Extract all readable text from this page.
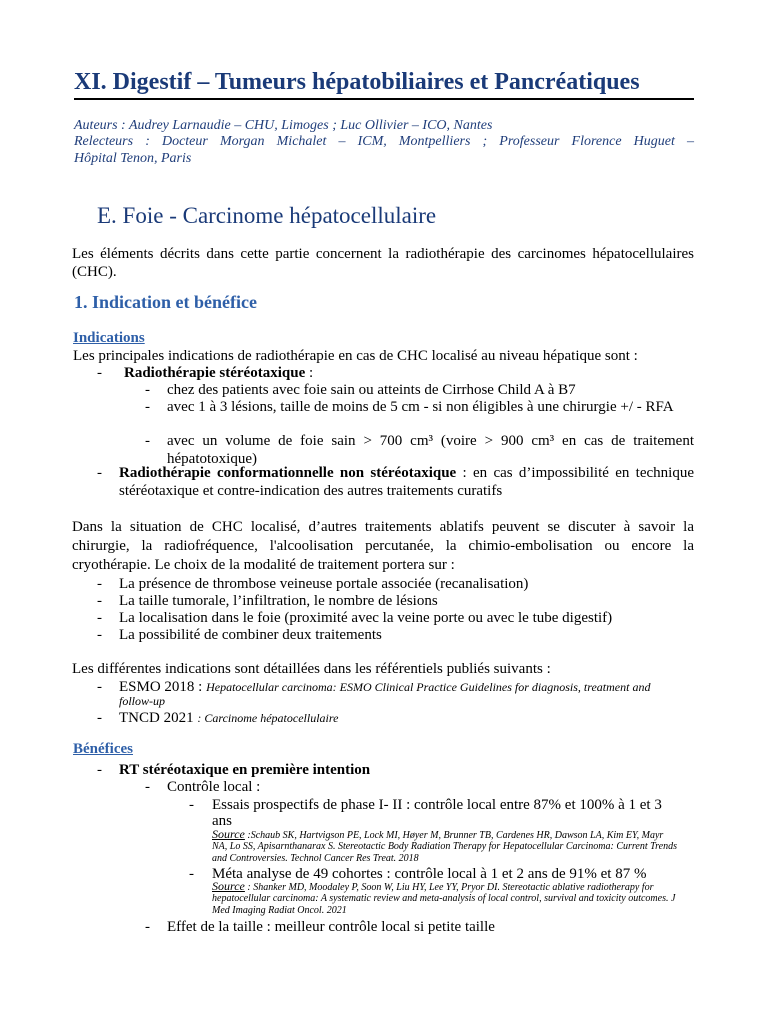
XI. Digestif – Tumeurs hépatobiliaires et Pancréatiques
Auteurs : Audrey Larnaudie – CHU, Limoges ; Luc Ollivier – ICO, Nantes
Relecteurs : Docteur Morgan Michalet – ICM, Montpelliers ; Professeur Florence Huguet –
Hôpital Tenon, Paris
E. Foie - Carcinome hépatocellulaire
Les éléments décrits dans cette partie concernent la radiothérapie des carcinomes hépatocellulaires (CHC).
1. Indication et bénéfice
Indications
Les principales indications de radiothérapie en cas de CHC localisé au niveau hépatique sont :
- Radiothérapie stéréotaxique :
- chez des patients avec foie sain ou atteints de Cirrhose Child A à B7
- avec 1 à 3 lésions, taille de moins de 5 cm - si non éligibles à une chirurgie +/ - RFA
- avec un volume de foie sain > 700 cm³ (voire > 900 cm³ en cas de traitement hépatotoxique)
- Radiothérapie conformationnelle non stéréotaxique : en cas d’impossibilité en technique stéréotaxique et contre-indication des autres traitements curatifs
Dans la situation de CHC localisé, d’autres traitements ablatifs peuvent se discuter à savoir la chirurgie, la radiofréquence, l'alcoolisation percutanée, la chimio-embolisation ou encore la cryothérapie. Le choix de la modalité de traitement portera sur :
- La présence de thrombose veineuse portale associée (recanalisation)
- La taille tumorale, l’infiltration, le nombre de lésions
- La localisation dans le foie (proximité avec la veine porte ou avec le tube digestif)
- La possibilité de combiner deux traitements
Les différentes indications sont détaillées dans les référentiels publiés suivants :
- ESMO 2018 : Hepatocellular carcinoma: ESMO Clinical Practice Guidelines for diagnosis, treatment and
follow-up
- TNCD 2021 : Carcinome hépatocellulaire
Bénéfices
- RT stéréotaxique en première intention
- Contrôle local :
- Essais prospectifs de phase I- II : contrôle local entre 87% et 100% à 1 et 3
ans
Source :Schaub SK, Hartvigson PE, Lock MI, Høyer M, Brunner TB, Cardenes HR, Dawson LA, Kim EY, Mayr
NA, Lo SS, Apisarnthanarax S. Stereotactic Body Radiation Therapy for Hepatocellular Carcinoma: Current Trends
and Controversies. Technol Cancer Res Treat. 2018
- Méta analyse de 49 cohortes : contrôle local à 1 et 2 ans de 91% et 87 %
Source : Shanker MD, Moodaley P, Soon W, Liu HY, Lee YY, Pryor DI. Stereotactic ablative radiotherapy for
hepatocellular carcinoma: A systematic review and meta-analysis of local control, survival and toxicity outcomes. J
Med Imaging Radiat Oncol. 2021
- Effet de la taille : meilleur contrôle local si petite taille
